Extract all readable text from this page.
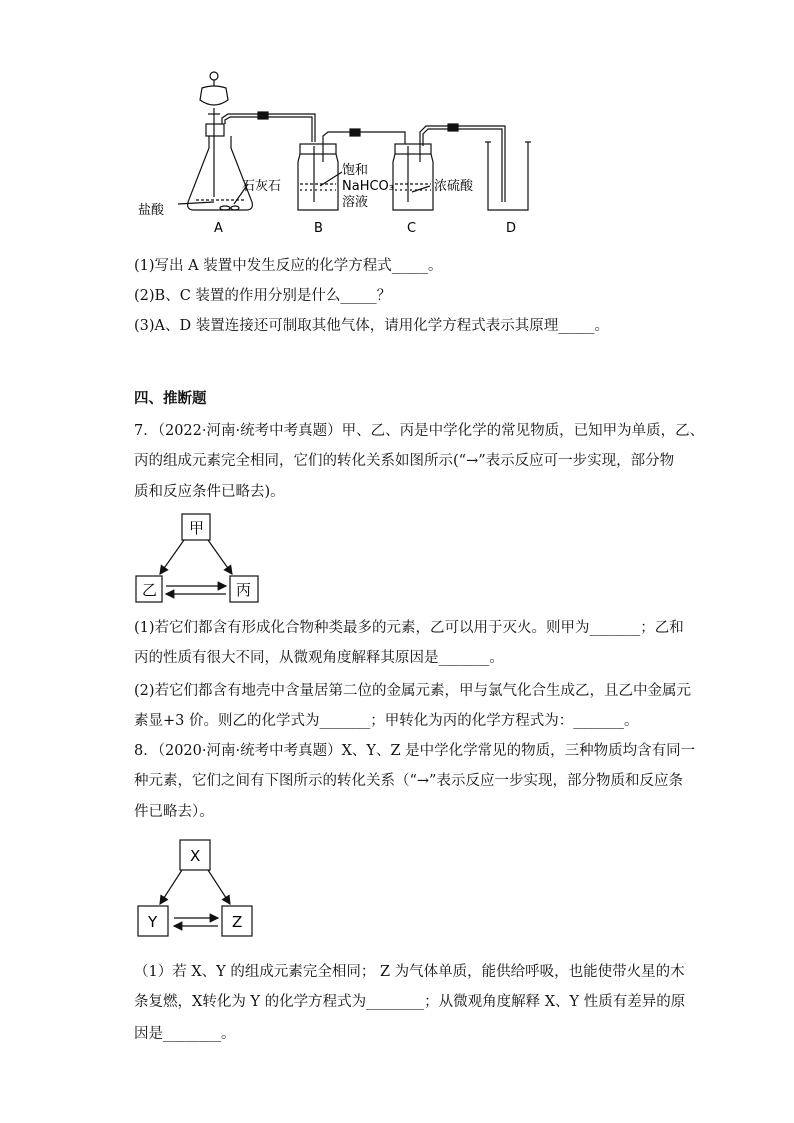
盐酸
石灰石
饱和
NaHCO₃
溶液
浓硫酸
A	B	C	D
(1)写出 A 装置中发生反应的化学方程式_____。
(2)B、C 装置的作用分别是什么_____？
(3)A、D 装置连接还可制取其他气体，请用化学方程式表示其原理_____。
四、推断题
7．（2022·河南·统考中考真题）甲、乙、丙是中学化学的常见物质，已知甲为单质，乙、
丙的组成元素完全相同，它们的转化关系如图所示(“→”表示反应可一步实现，部分物
质和反应条件已略去)。
甲
乙	丙
(1)若它们都含有形成化合物种类最多的元素，乙可以用于灭火。则甲为_______；乙和
丙的性质有很大不同，从微观角度解释其原因是_______。
(2)若它们都含有地壳中含量居第二位的金属元素，甲与氯气化合生成乙，且乙中金属元
素显+3 价。则乙的化学式为_______；甲转化为丙的化学方程式为：_______。
8．（2020·河南·统考中考真题）X、Y、Z 是中学化学常见的物质，三种物质均含有同一
种元素，它们之间有下图所示的转化关系（“→”表示反应一步实现，部分物质和反应条
件已略去）。
X
Y	Z
（1）若 X、Y 的组成元素完全相同； Z 为气体单质，能供给呼吸，也能使带火星的木
条复燃，X转化为 Y 的化学方程式为________；从微观角度解释 X、Y 性质有差异的原
因是________。
